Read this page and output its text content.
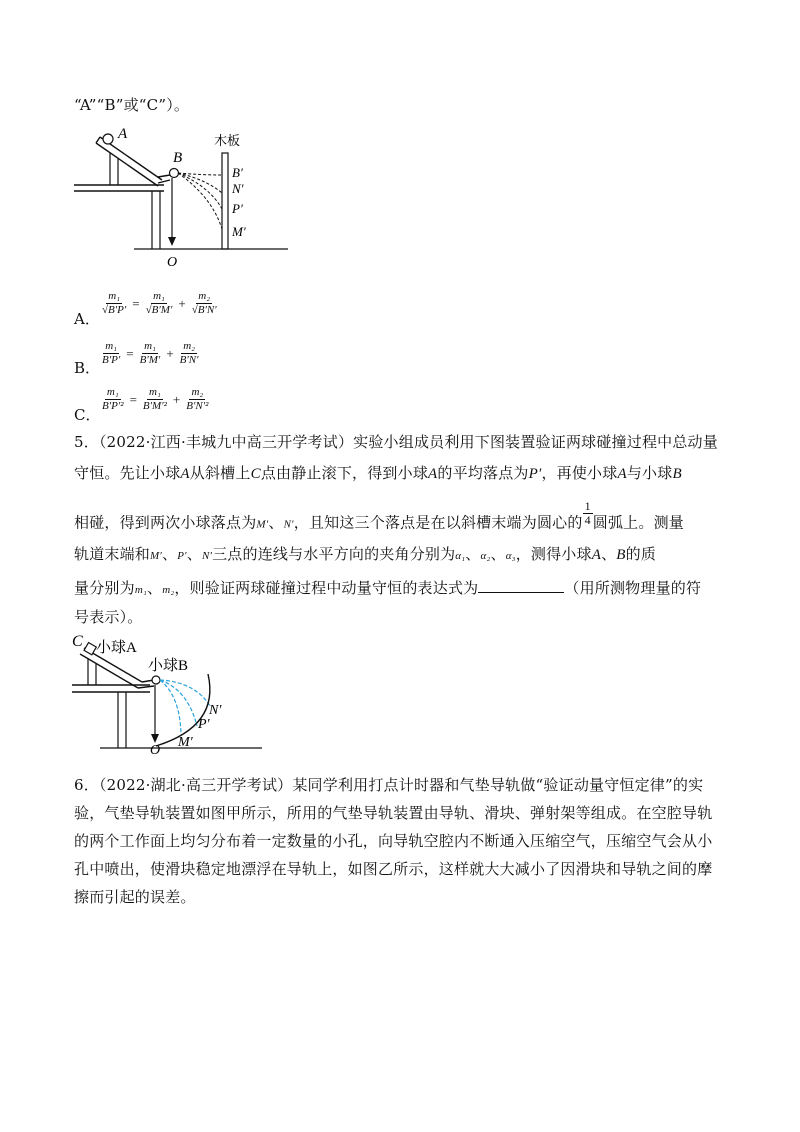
“A”“B”或“C”）。
A
B
木板
B′
N′
P′
M′
O
A．
$\frac{\text{m₁}}{√B'P'} = \frac{\text{m₁}}{√B'M'} + \frac{\text{m₂}}{√B'N'}$
B．
$\frac{\text{m₁}}{B'P'} = \frac{\text{m₁}}{B'M'} + \frac{\text{m₂}}{B'N'}$
C．
$\frac{\text{m₁}}{\text{B′P′²}} = \frac{\text{m₁}}{\text{B′M′²}} + \frac{\text{m₂}}{\text{B′N′²}}$
5．（2022·江西·丰城九中高三开学考试）实验小组成员利用下图装置验证两球碰撞过程中总动量
守恒。先让小球A从斜槽上C点由静止滚下，得到小球A的平均落点为P′，再使小球A与小球B
相碰，得到两次小球落点为M′、N′，且知这三个落点是在以斜槽末端为圆心的 $\frac{1}{4}$ 圆弧上。测量
轨道末端和M′、P′、N′三点的连线与水平方向的夹角分别为α₁、α₂、α₃，测得小球A、B的质
量分别为m₁、m₂，则验证两球碰撞过程中动量守恒的表达式为	（用所测物理量的符
号表示）。
C 小球A
小球B
N′
P′
M′
O
6．（2022·湖北·高三开学考试）某同学利用打点计时器和气垫导轨做“验证动量守恒定律”的实
验，气垫导轨装置如图甲所示，所用的气垫导轨装置由导轨、滑块、弹射架等组成。在空腔导轨
的两个工作面上均匀分布着一定数量的小孔，向导轨空腔内不断通入压缩空气，压缩空气会从小
孔中喷出，使滑块稳定地漂浮在导轨上，如图乙所示，这样就大大减小了因滑块和导轨之间的摩
擦而引起的误差。
